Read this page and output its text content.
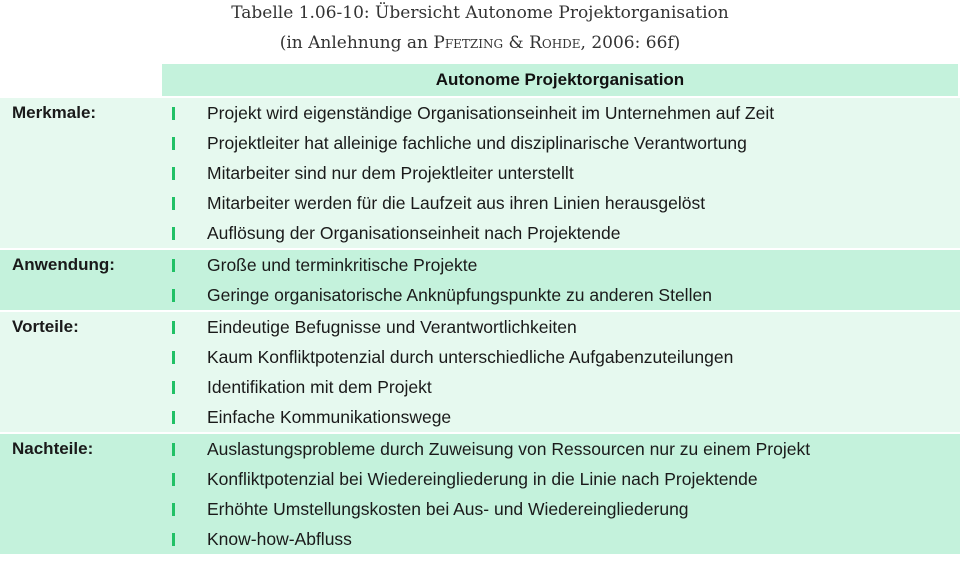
Tabelle 1.06-10: Übersicht Autonome Projektorganisation
(in Anlehnung an Pfetzing & Rohde, 2006: 66f)
Autonome Projektorganisation
Merkmale:	Projekt wird eigenständige Organisationseinheit im Unternehmen auf Zeit
Projektleiter hat alleinige fachliche und disziplinarische Verantwortung
Mitarbeiter sind nur dem Projektleiter unterstellt
Mitarbeiter werden für die Laufzeit aus ihren Linien herausgelöst
Auflösung der Organisationseinheit nach Projektende
Anwendung:	Große und terminkritische Projekte
Geringe organisatorische Anknüpfungspunkte zu anderen Stellen
Vorteile:	Eindeutige Befugnisse und Verantwortlichkeiten
Kaum Konfliktpotenzial durch unterschiedliche Aufgabenzuteilungen
Identifikation mit dem Projekt
Einfache Kommunikationswege
Nachteile:	Auslastungsprobleme durch Zuweisung von Ressourcen nur zu einem Projekt
Konfliktpotenzial bei Wiedereingliederung in die Linie nach Projektende
Erhöhte Umstellungskosten bei Aus- und Wiedereingliederung
Know-how-Abfluss
